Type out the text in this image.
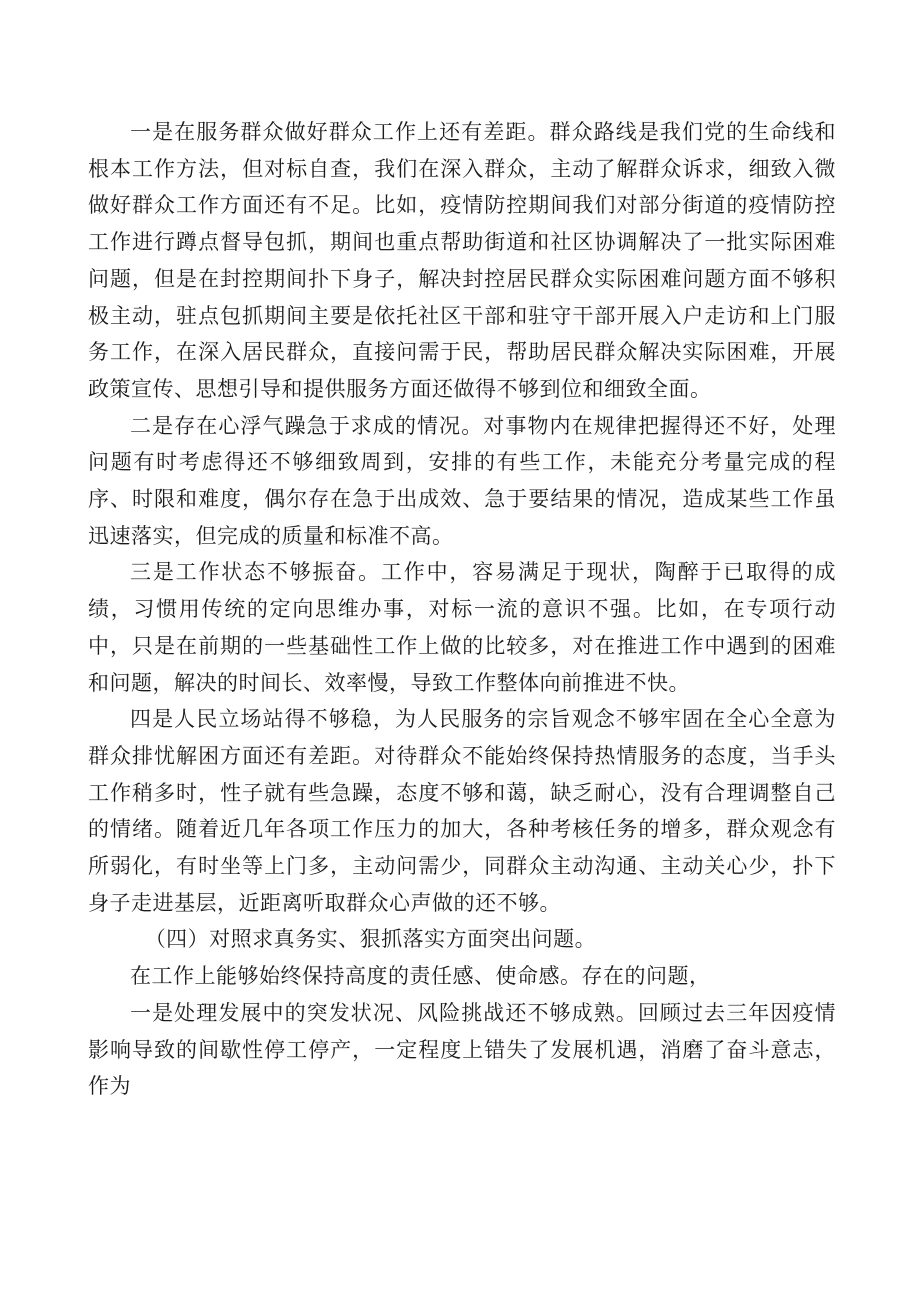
一是在服务群众做好群众工作上还有差距。群众路线是我们党的生命线和根本工作方法，但对标自查，我们在深入群众，主动了解群众诉求，细致入微做好群众工作方面还有不足。比如，疫情防控期间我们对部分街道的疫情防控工作进行蹲点督导包抓，期间也重点帮助街道和社区协调解决了一批实际困难问题，但是在封控期间扑下身子，解决封控居民群众实际困难问题方面不够积极主动，驻点包抓期间主要是依托社区干部和驻守干部开展入户走访和上门服务工作，在深入居民群众，直接问需于民，帮助居民群众解决实际困难，开展政策宣传、思想引导和提供服务方面还做得不够到位和细致全面。

二是存在心浮气躁急于求成的情况。对事物内在规律把握得还不好，处理问题有时考虑得还不够细致周到，安排的有些工作，未能充分考量完成的程序、时限和难度，偶尔存在急于出成效、急于要结果的情况，造成某些工作虽迅速落实，但完成的质量和标准不高。

三是工作状态不够振奋。工作中，容易满足于现状，陶醉于已取得的成绩，习惯用传统的定向思维办事，对标一流的意识不强。比如，在专项行动中，只是在前期的一些基础性工作上做的比较多，对在推进工作中遇到的困难和问题，解决的时间长、效率慢，导致工作整体向前推进不快。

四是人民立场站得不够稳，为人民服务的宗旨观念不够牢固在全心全意为群众排忧解困方面还有差距。对待群众不能始终保持热情服务的态度，当手头工作稍多时，性子就有些急躁，态度不够和蔼，缺乏耐心，没有合理调整自己的情绪。随着近几年各项工作压力的加大，各种考核任务的增多，群众观念有所弱化，有时坐等上门多，主动问需少，同群众主动沟通、主动关心少，扑下身子走进基层，近距离听取群众心声做的还不够。

（四）对照求真务实、狠抓落实方面突出问题。

在工作上能够始终保持高度的责任感、使命感。存在的问题，

一是处理发展中的突发状况、风险挑战还不够成熟。回顾过去三年因疫情影响导致的间歇性停工停产，一定程度上错失了发展机遇，消磨了奋斗意志，作为
